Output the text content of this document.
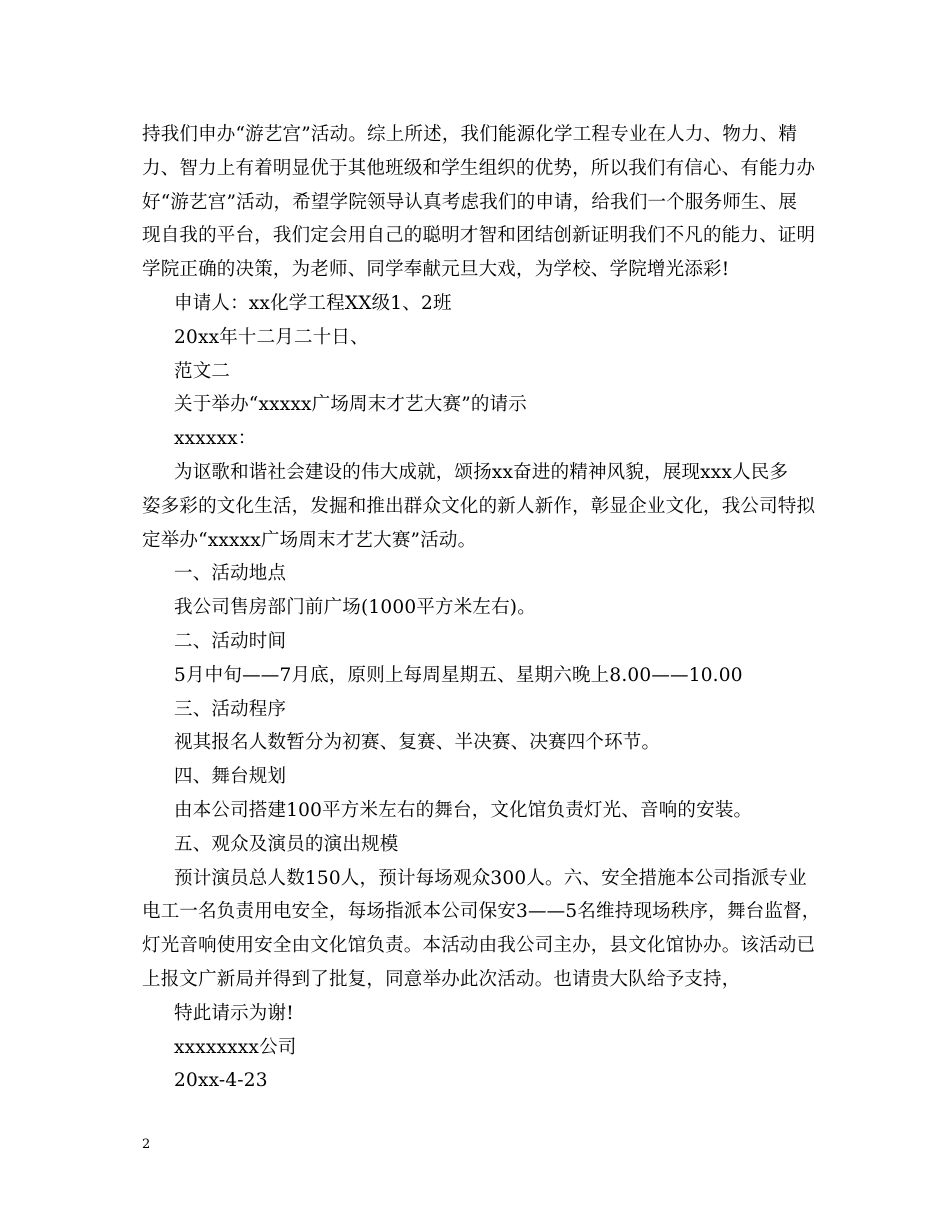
持我们申办“游艺宫”活动。综上所述，我们能源化学工程专业在人力、物力、精
力、智力上有着明显优于其他班级和学生组织的优势，所以我们有信心、有能力办
好“游艺宫”活动，希望学院领导认真考虑我们的申请，给我们一个服务师生、展
现自我的平台，我们定会用自己的聪明才智和团结创新证明我们不凡的能力、证明
学院正确的决策，为老师、同学奉献元旦大戏，为学校、学院增光添彩!
申请人：xx化学工程XX级1、2班
20xx年十二月二十日、
范文二
关于举办“xxxxx广场周末才艺大赛”的请示
xxxxxx：
为讴歌和谐社会建设的伟大成就，颂扬xx奋进的精神风貌，展现xxx人民多
姿多彩的文化生活，发掘和推出群众文化的新人新作，彰显企业文化，我公司特拟
定举办“xxxxx广场周末才艺大赛”活动。
一、活动地点
我公司售房部门前广场(1000平方米左右)。
二、活动时间
5月中旬——7月底，原则上每周星期五、星期六晚上8.00——10.00
三、活动程序
视其报名人数暂分为初赛、复赛、半决赛、决赛四个环节。
四、舞台规划
由本公司搭建100平方米左右的舞台，文化馆负责灯光、音响的安装。
五、观众及演员的演出规模
预计演员总人数150人，预计每场观众300人。六、安全措施本公司指派专业
电工一名负责用电安全，每场指派本公司保安3——5名维持现场秩序，舞台监督，
灯光音响使用安全由文化馆负责。本活动由我公司主办，县文化馆协办。该活动已
上报文广新局并得到了批复，同意举办此次活动。也请贵大队给予支持，
特此请示为谢!
xxxxxxxx公司
20xx-4-23
2
